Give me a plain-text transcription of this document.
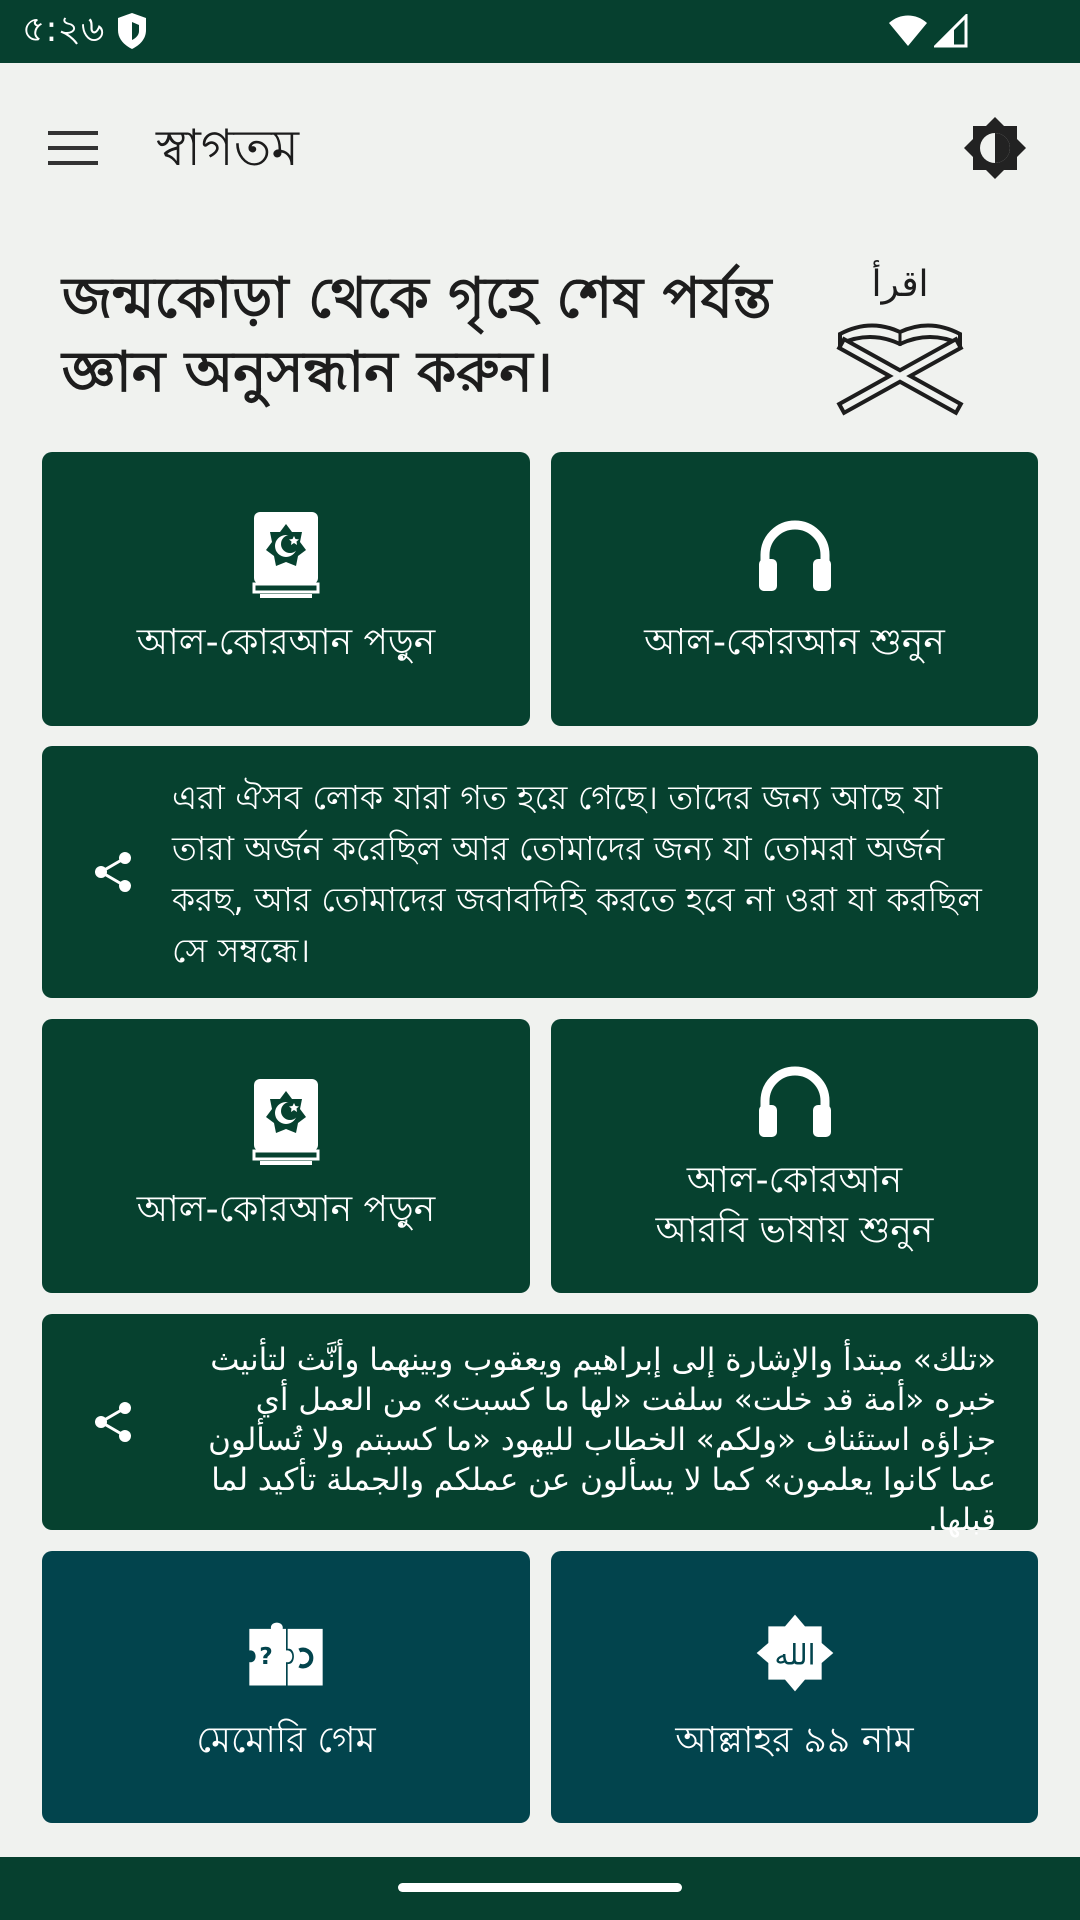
৫:২৬
স্বাগতম
জন্মকোড়া থেকে গৃহে শেষ পর্যন্ত জ্ঞান অনুসন্ধান করুন।
اقرأ
আল-কোরআন পড়ুন	আল-কোরআন শুনুন
এরা ঐসব লোক যারা গত হয়ে গেছে। তাদের জন্য আছে যা তারা অর্জন করেছিল আর তোমাদের জন্য যা তোমরা অর্জন করছ, আর তোমাদের জবাবদিহি করতে হবে না ওরা যা করছিল সে সম্বন্ধে।
আল-কোরআন পড়ুন
আল-কোরআন
আরবি ভাষায় শুনুন
«تلك» مبتدأ والإشارة إلى إبراهيم ويعقوب وبينهما وأنَّث لتأنيث خبره «أمة قد خلت» سلفت «لها ما كسبت» من العمل أي جزاؤه استئناف «ولكم» الخطاب لليهود «ما كسبتم ولا تُسألون عما كانوا يعلمون» كما لا يسألون عن عملكم والجملة تأكيد لما قبلها.
?
মেমোরি গেম
الله
আল্লাহর ৯৯ নাম
